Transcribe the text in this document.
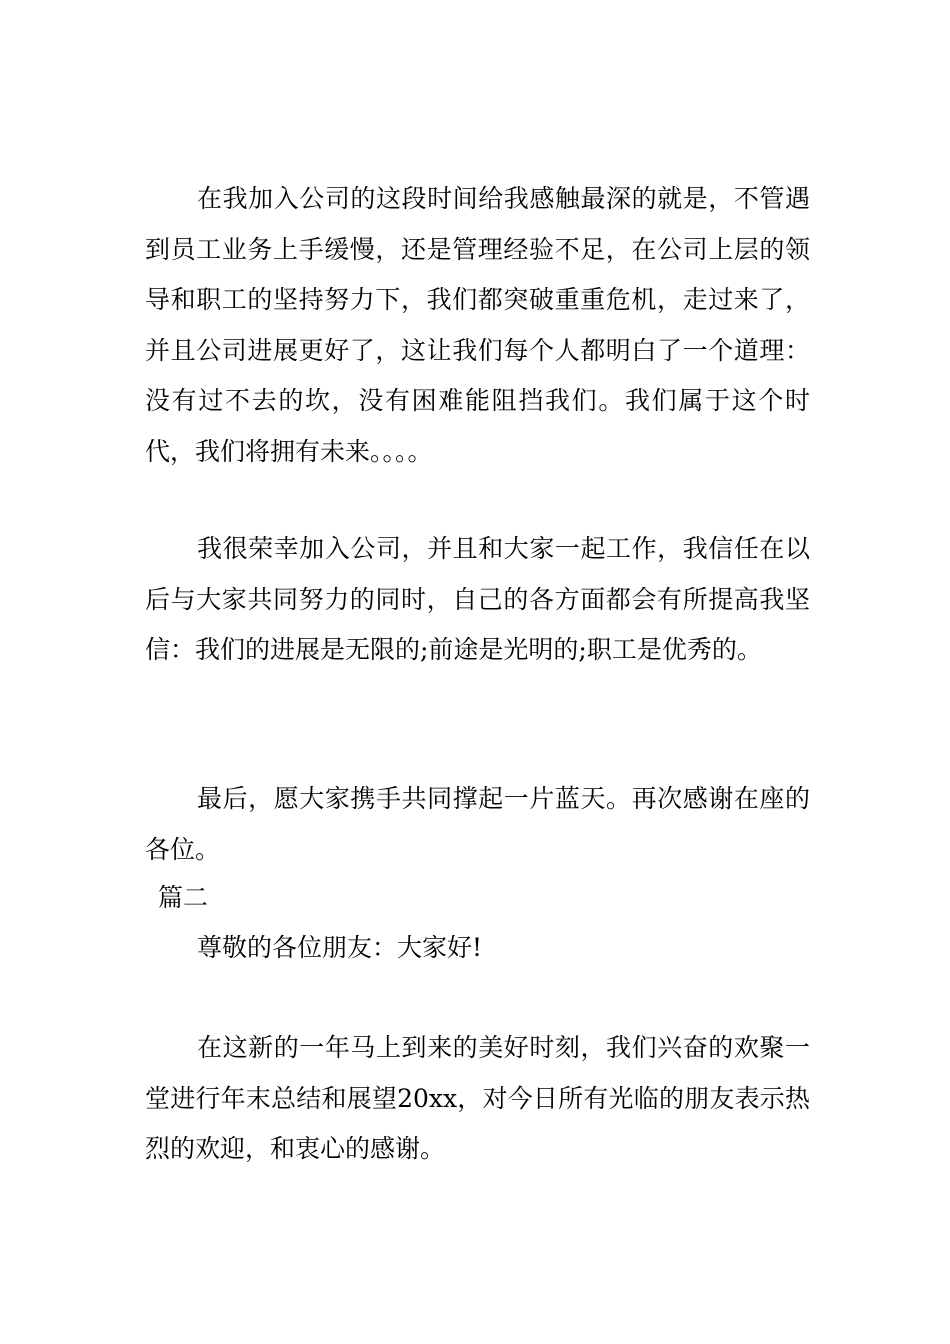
在我加入公司的这段时间给我感触最深的就是，不管遇到员工业务上手缓慢，还是管理经验不足，在公司上层的领导和职工的坚持努力下，我们都突破重重危机，走过来了，并且公司进展更好了，这让我们每个人都明白了一个道理：没有过不去的坎，没有困难能阻挡我们。我们属于这个时代，我们将拥有未来。。。。

我很荣幸加入公司，并且和大家一起工作，我信任在以后与大家共同努力的同时，自己的各方面都会有所提高我坚信：我们的进展是无限的;前途是光明的;职工是优秀的。

最后，愿大家携手共同撑起一片蓝天。再次感谢在座的各位。

篇二

尊敬的各位朋友：大家好!

在这新的一年马上到来的美好时刻，我们兴奋的欢聚一堂进行年末总结和展望20xx，对今日所有光临的朋友表示热烈的欢迎，和衷心的感谢。
